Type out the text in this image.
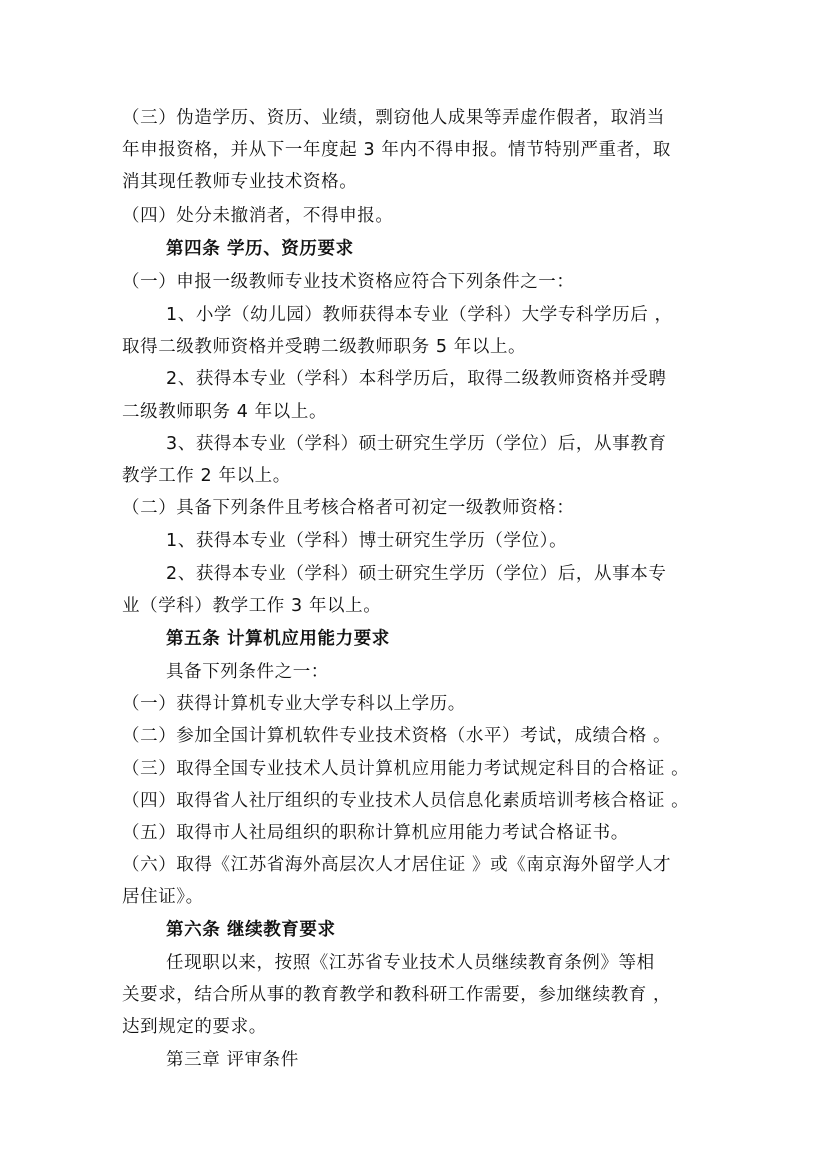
（三）伪造学历、资历、业绩，剽窃他人成果等弄虚作假者，取消当
年申报资格，并从下一年度起 3 年内不得申报。情节特别严重者，取
消其现任教师专业技术资格。
（四）处分未撤消者，不得申报。
第四条 学历、资历要求
（一）申报一级教师专业技术资格应符合下列条件之一：
1、小学（幼儿园）教师获得本专业（学科）大学专科学历后 ，
取得二级教师资格并受聘二级教师职务 5 年以上。
2、获得本专业（学科）本科学历后，取得二级教师资格并受聘
二级教师职务 4 年以上。
3、获得本专业（学科）硕士研究生学历（学位）后，从事教育
教学工作 2 年以上。
（二）具备下列条件且考核合格者可初定一级教师资格：
1、获得本专业（学科）博士研究生学历（学位）。
2、获得本专业（学科）硕士研究生学历（学位）后，从事本专
业（学科）教学工作 3 年以上。
第五条 计算机应用能力要求
具备下列条件之一：
（一）获得计算机专业大学专科以上学历。
（二）参加全国计算机软件专业技术资格（水平）考试，成绩合格 。
（三）取得全国专业技术人员计算机应用能力考试规定科目的合格证 。
（四）取得省人社厅组织的专业技术人员信息化素质培训考核合格证 。
（五）取得市人社局组织的职称计算机应用能力考试合格证书。
（六）取得《江苏省海外高层次人才居住证 》或《南京海外留学人才
居住证》。
第六条 继续教育要求
任现职以来，按照《江苏省专业技术人员继续教育条例》等相
关要求，结合所从事的教育教学和教科研工作需要，参加继续教育 ，
达到规定的要求。
第三章 评审条件
